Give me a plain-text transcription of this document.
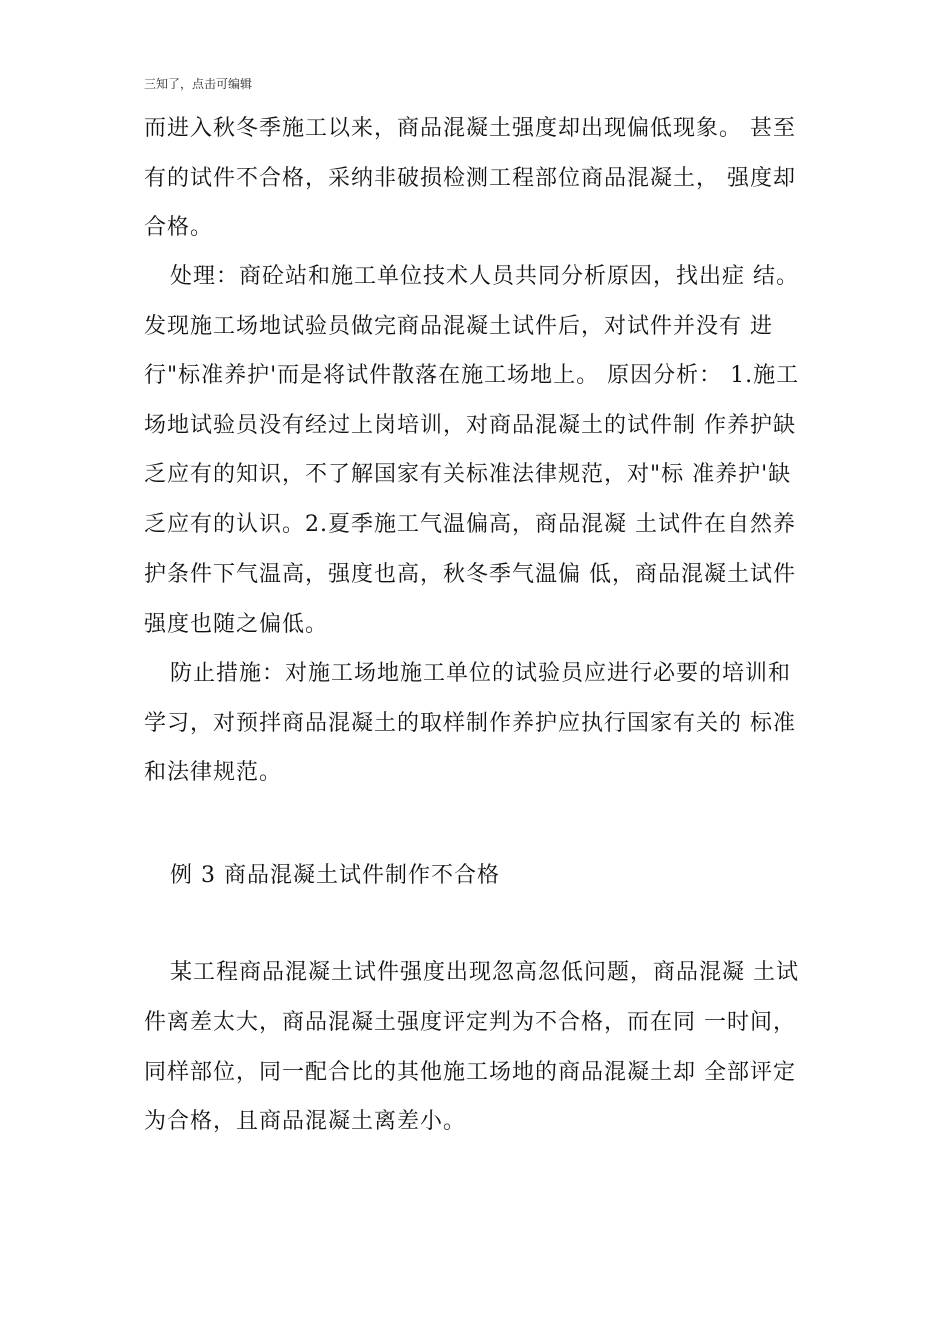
三知了，点击可编辑
而进入秋冬季施工以来，商品混凝土强度却出现偏低现象。 甚至
有的试件不合格，采纳非破损检测工程部位商品混凝土， 强度却
合格。
处理：商砼站和施工单位技术人员共同分析原因，找出症 结。
发现施工场地试验员做完商品混凝土试件后，对试件并没有 进
行"标准养护'而是将试件散落在施工场地上。 原因分析： 1.施工
场地试验员没有经过上岗培训，对商品混凝土的试件制 作养护缺
乏应有的知识，不了解国家有关标准法律规范，对"标 准养护'缺
乏应有的认识。2.夏季施工气温偏高，商品混凝 土试件在自然养
护条件下气温高，强度也高，秋冬季气温偏 低，商品混凝土试件
强度也随之偏低。
防止措施：对施工场地施工单位的试验员应进行必要的培训和
学习，对预拌商品混凝土的取样制作养护应执行国家有关的 标准
和法律规范。
例 3 商品混凝土试件制作不合格
某工程商品混凝土试件强度出现忽高忽低问题，商品混凝 土试
件离差太大，商品混凝土强度评定判为不合格，而在同 一时间，
同样部位，同一配合比的其他施工场地的商品混凝土却 全部评定
为合格，且商品混凝土离差小。
